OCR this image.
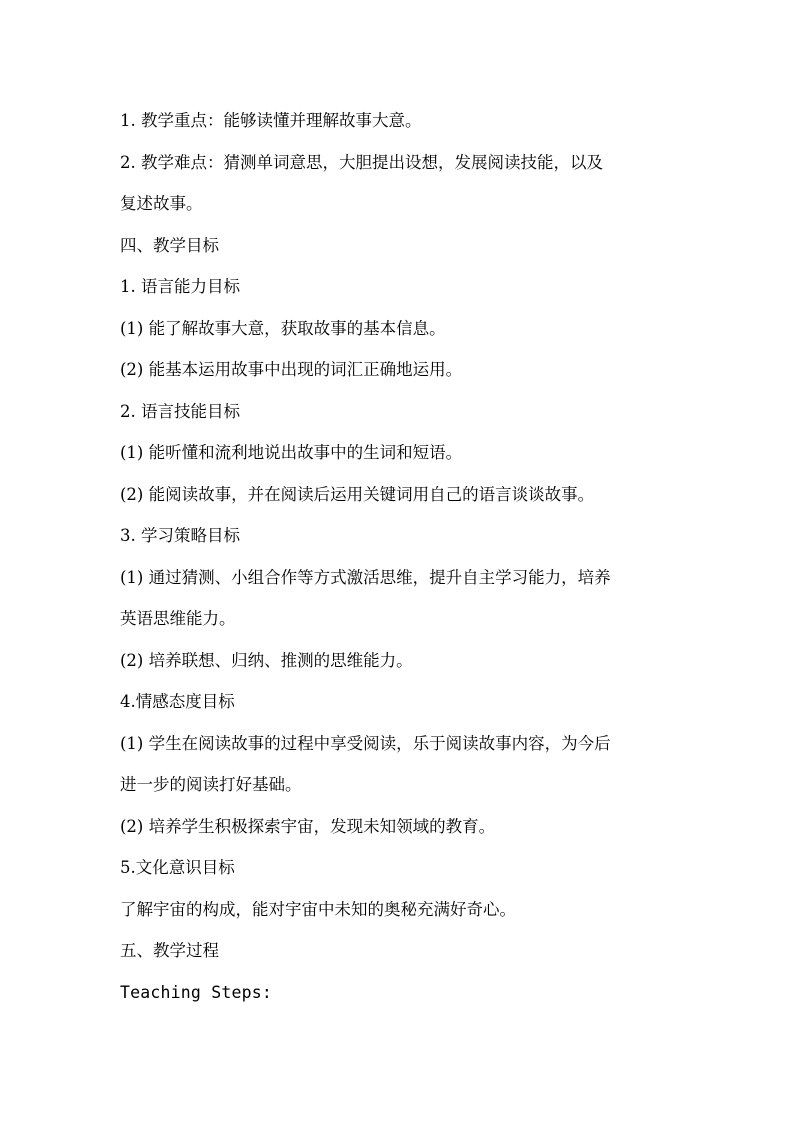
1. 教学重点：能够读懂并理解故事大意。

2. 教学难点：猜测单词意思，大胆提出设想，发展阅读技能，以及

复述故事。

四、教学目标

1. 语言能力目标

(1) 能了解故事大意，获取故事的基本信息。

(2) 能基本运用故事中出现的词汇正确地运用。

2. 语言技能目标

(1) 能听懂和流利地说出故事中的生词和短语。

(2) 能阅读故事，并在阅读后运用关键词用自己的语言谈谈故事。

3. 学习策略目标

(1) 通过猜测、小组合作等方式激活思维，提升自主学习能力，培养

英语思维能力。

(2) 培养联想、归纳、推测的思维能力。

4.情感态度目标

(1) 学生在阅读故事的过程中享受阅读，乐于阅读故事内容，为今后

进一步的阅读打好基础。

(2) 培养学生积极探索宇宙，发现未知领域的教育。

5.文化意识目标

了解宇宙的构成，能对宇宙中未知的奥秘充满好奇心。

五、教学过程

Teaching Steps:
